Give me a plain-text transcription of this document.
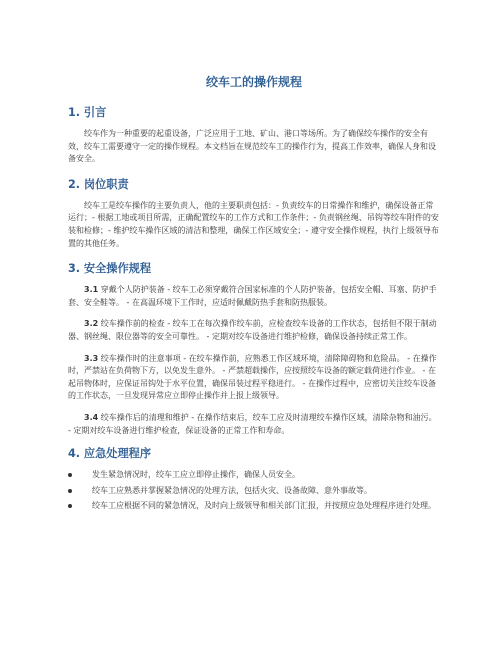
绞车工的操作规程
1. 引言

绞车作为一种重要的起重设备，广泛应用于工地、矿山、港口等场所。为了确保绞车操作的安全有效，绞车工需要遵守一定的操作规程。本文档旨在规范绞车工的操作行为，提高工作效率，确保人身和设备安全。

2. 岗位职责

绞车工是绞车操作的主要负责人，他的主要职责包括：- 负责绞车的日常操作和维护，确保设备正常运行；- 根据工地或项目所需，正确配置绞车的工作方式和工作条件；- 负责钢丝绳、吊钩等绞车附件的安装和检修；- 维护绞车操作区域的清洁和整理，确保工作区域安全；- 遵守安全操作规程，执行上级领导布置的其他任务。

3. 安全操作规程

3.1 穿戴个人防护装备 - 绞车工必须穿戴符合国家标准的个人防护装备，包括安全帽、耳塞、防护手套、安全鞋等。 - 在高温环境下工作时，应适时佩戴防热手套和防热服装。

3.2 绞车操作前的检查 - 绞车工在每次操作绞车前，应检查绞车设备的工作状态，包括但不限于制动器、钢丝绳、限位器等的安全可靠性。 - 定期对绞车设备进行维护检修，确保设备持续正常工作。

3.3 绞车操作时的注意事项 - 在绞车操作前，应熟悉工作区域环境，清除障碍物和危险品。 - 在操作时，严禁站在负荷物下方，以免发生意外。 - 严禁超载操作，应按照绞车设备的额定载荷进行作业。 - 在起吊物体时，应保证吊钩处于水平位置，确保吊装过程平稳进行。 - 在操作过程中，应密切关注绞车设备的工作状态，一旦发现异常应立即停止操作并上报上级领导。

3.4 绞车操作后的清理和维护 - 在操作结束后，绞车工应及时清理绞车操作区域，清除杂物和油污。 - 定期对绞车设备进行维护检查，保证设备的正常工作和寿命。

4. 应急处理程序
发生紧急情况时，绞车工应立即停止操作，确保人员安全。
绞车工应熟悉并掌握紧急情况的处理方法，包括火灾、设备故障、意外事故等。
绞车工应根据不同的紧急情况，及时向上级领导和相关部门汇报，并按照应急处理程序进行处理。
